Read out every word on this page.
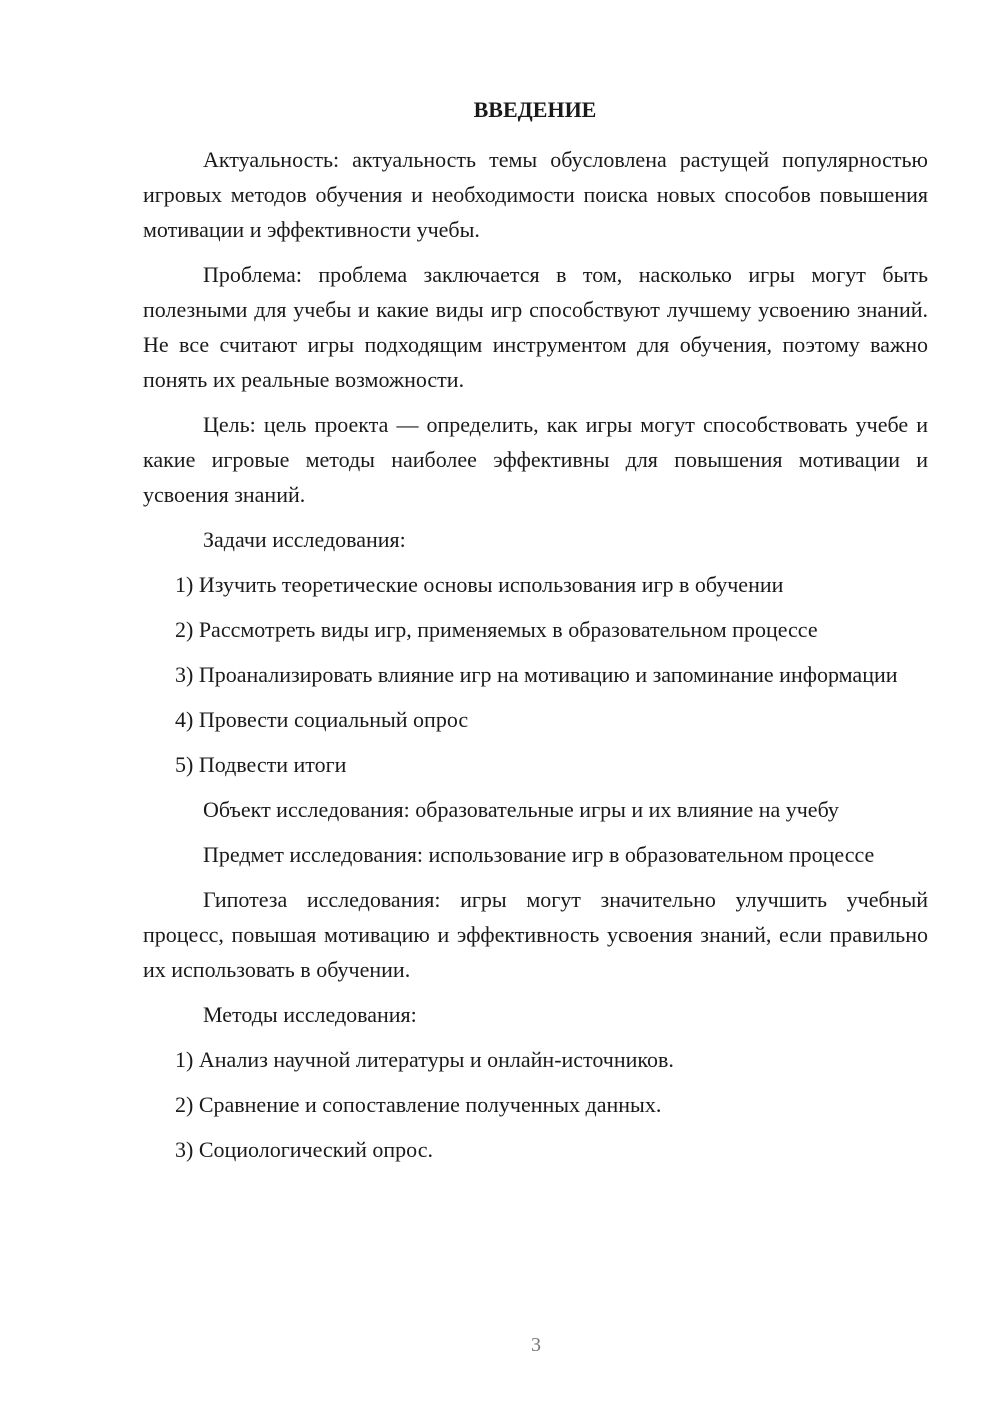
ВВЕДЕНИЕ

Актуальность: актуальность темы обусловлена растущей популярностью игровых методов обучения и необходимости поиска новых способов повышения мотивации и эффективности учебы.

Проблема: проблема заключается в том, насколько игры могут быть полезными для учебы и какие виды игр способствуют лучшему усвоению знаний. Не все считают игры подходящим инструментом для обучения, поэтому важно понять их реальные возможности.

Цель: цель проекта — определить, как игры могут способствовать учебе и какие игровые методы наиболее эффективны для повышения мотивации и усвоения знаний.

Задачи исследования:

1) Изучить теоретические основы использования игр в обучении

2) Рассмотреть виды игр, применяемых в образовательном процессе

3) Проанализировать влияние игр на мотивацию и запоминание информации

4) Провести социальный опрос

5) Подвести итоги

Объект исследования: образовательные игры и их влияние на учебу

Предмет исследования: использование игр в образовательном процессе

Гипотеза исследования: игры могут значительно улучшить учебный процесс, повышая мотивацию и эффективность усвоения знаний, если правильно их использовать в обучении.

Методы исследования:

1) Анализ научной литературы и онлайн-источников.

2) Сравнение и сопоставление полученных данных.

3) Социологический опрос.

3
